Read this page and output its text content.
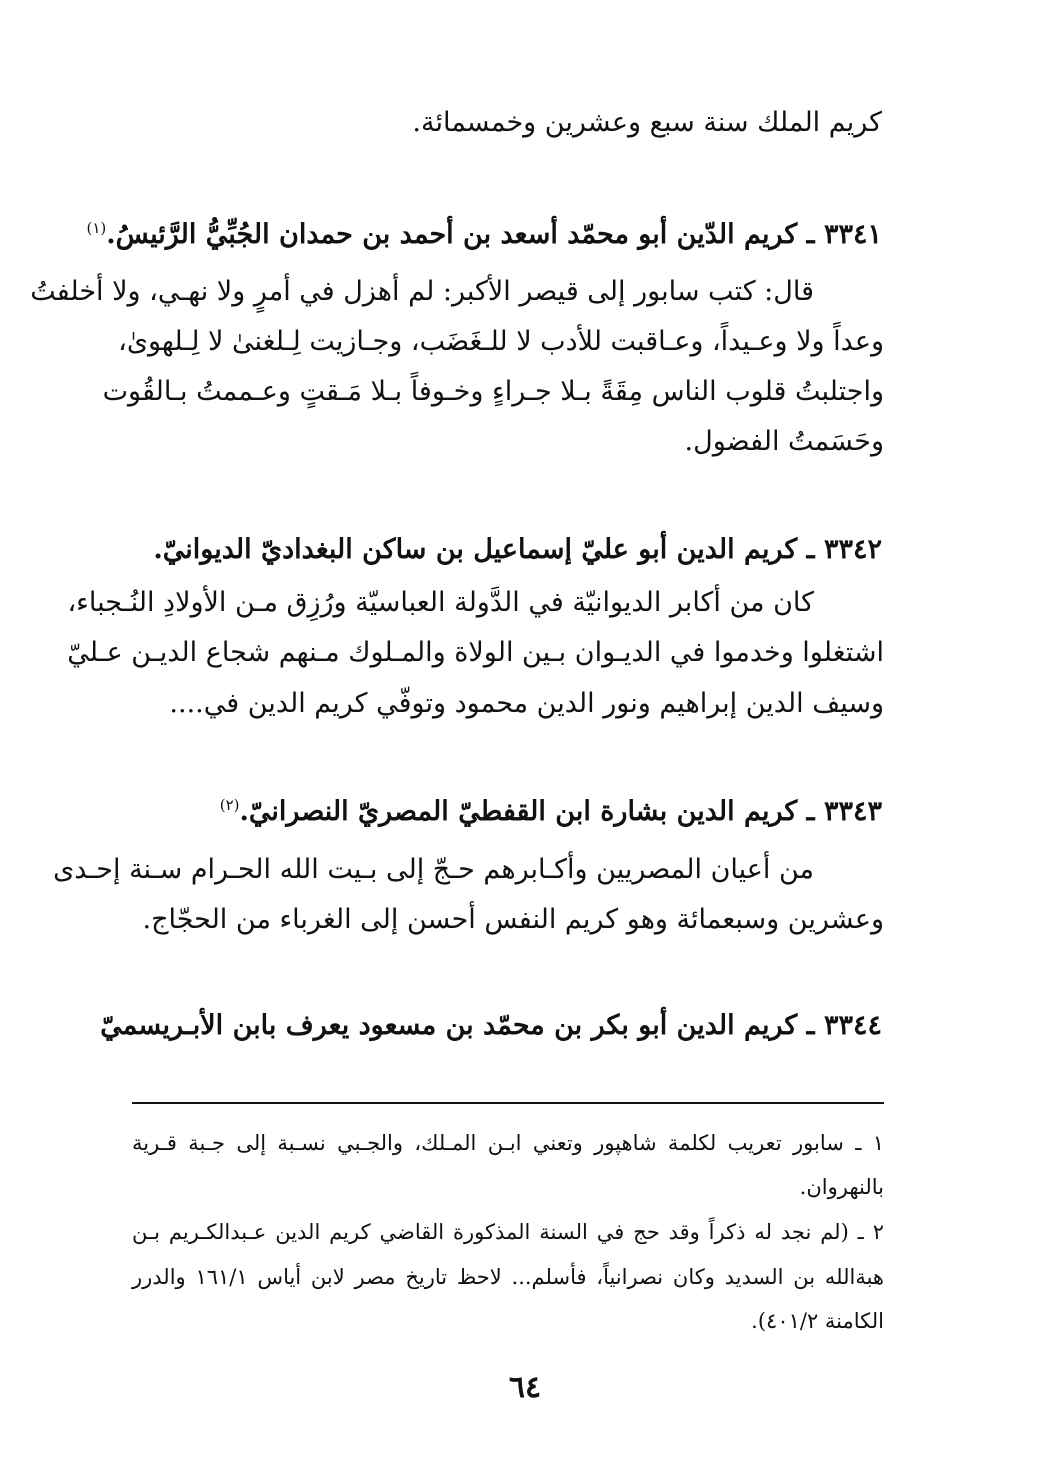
كريم الملك سنة سبع وعشرين وخمسمائة.
٣٣٤١ ـ كريم الدّين أبو محمّد أسعد بن أحمد بن حمدان الجُبِّيُّ الرَّئيسُ.$^{(١)}$
قال: كتب سابور إلى قيصر الأكبر: لم أهزل في أمرٍ ولا نهـي، ولا أخلفتُ
وعداً ولا وعـيداً، وعـاقبت للأدب لا للـغَضَب، وجـازيت لِـلغنىٰ لا لِـلهوىٰ،
واجتلبتُ قلوب الناس مِقَةً بـلا جـراءٍ وخـوفاً بـلا مَـقتٍ وعـممتُ بـالقُوت
وحَسَمتُ الفضول.
٣٣٤٢ ـ كريم الدين أبو عليّ إسماعيل بن ساكن البغداديّ الديوانيّ.
كان من أكابر الديوانيّة في الدَّولة العباسيّة ورُزِق مـن الأولادِ النُـجباء،
اشتغلوا وخدموا في الديـوان بـين الولاة والمـلوك مـنهم شجاع الديـن عـليّ
وسيف الدين إبراهيم ونور الدين محمود وتوفّي كريم الدين في....
٣٣٤٣ ـ كريم الدين بشارة ابن القفطيّ المصريّ النصرانيّ.$^{(٢)}$
من أعيان المصريين وأكـابرهم حـجّ إلى بـيت الله الحـرام سـنة إحـدى
وعشرين وسبعمائة وهو كريم النفس أحسن إلى الغرباء من الحجّاج.
٣٣٤٤ ـ كريم الدين أبو بكر بن محمّد بن مسعود يعرف بابن الأبـريسميّ
١ ـ سابور تعريب لكلمة شاهپور وتعني ابـن المـلك، والجـبي نسـبة إلى جـبة قـرية
بالنهروان.
٢ ـ (لم نجد له ذكراً وقد حج في السنة المذكورة القاضي كريم الدين عـبدالكـريم بـن
هبةالله بن السديد وكان نصرانياً، فأسلم... لاحظ تاريخ مصر لابن أياس ١٦١/١ والدرر
الكامنة ٤٠١/٢).
٦٤
